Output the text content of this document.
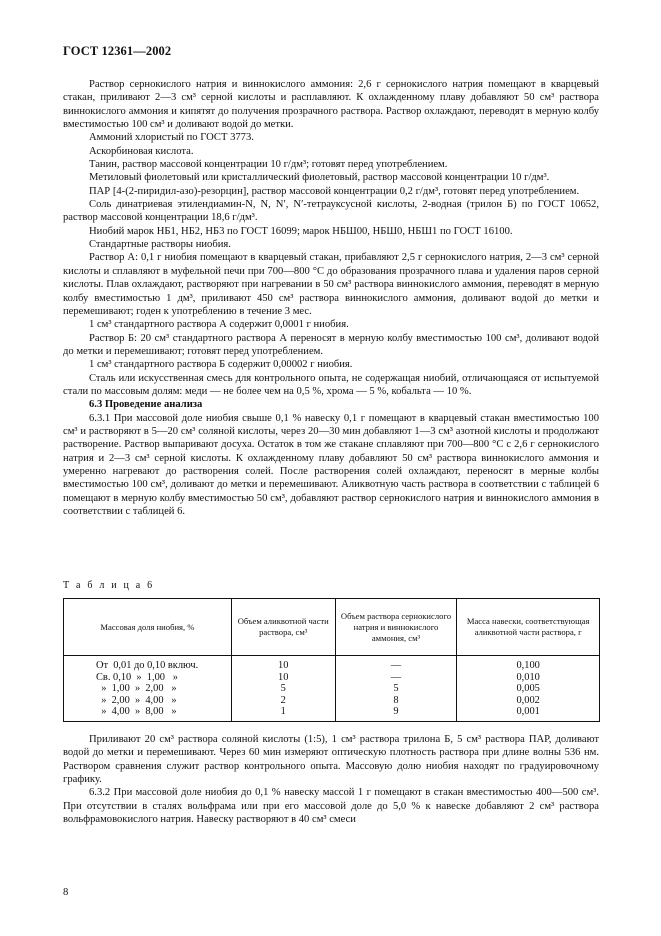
ГОСТ 12361—2002

Раствор сернокислого натрия и виннокислого аммония: 2,6 г сернокислого натрия помещают в кварцевый стакан, приливают 2—3 см³ серной кислоты и расплавляют. К охлажденному плаву добавляют 50 см³ раствора виннокислого аммония и кипятят до получения прозрачного раствора. Раствор охлаждают, переводят в мерную колбу вместимостью 100 см³ и доливают водой до метки.

Аммоний хлористый по ГОСТ 3773.

Аскорбиновая кислота.

Танин, раствор массовой концентрации 10 г/дм³; готовят перед употреблением.

Метиловый фиолетовый или кристаллический фиолетовый, раствор массовой концентрации 10 г/дм³.

ПАР [4-(2-пиридил-азо)-резорцин], раствор массовой концентрации 0,2 г/дм³, готовят перед употреблением.

Соль динатриевая этилендиамин-N, N, N′, N′-тетрауксусной кислоты, 2-водная (трилон Б) по ГОСТ 10652, раствор массовой концентрации 18,6 г/дм³.

Ниобий марок НБ1, НБ2, НБ3 по ГОСТ 16099; марок НБШ00, НБШ0, НБШ1 по ГОСТ 16100.

Стандартные растворы ниобия.

Раствор А: 0,1 г ниобия помещают в кварцевый стакан, прибавляют 2,5 г сернокислого натрия, 2—3 см³ серной кислоты и сплавляют в муфельной печи при 700—800 °С до образования прозрачного плава и удаления паров серной кислоты. Плав охлаждают, растворяют при нагревании в 50 см³ раствора виннокислого аммония, переводят в мерную колбу вместимостью 1 дм³, приливают 450 см³ раствора виннокислого аммония, доливают водой до метки и перемешивают; годен к употреблению в течение 3 мес.

1 см³ стандартного раствора А содержит 0,0001 г ниобия.

Раствор Б: 20 см³ стандартного раствора А переносят в мерную колбу вместимостью 100 см³, доливают водой до метки и перемешивают; готовят перед употреблением.

1 см³ стандартного раствора Б содержит 0,00002 г ниобия.

Сталь или искусственная смесь для контрольного опыта, не содержащая ниобий, отличающаяся от испытуемой стали по массовым долям: меди — не более чем на 0,5 %, хрома — 5 %, кобальта — 10 %.

6.3 Проведение анализа

6.3.1 При массовой доле ниобия свыше 0,1 % навеску 0,1 г помещают в кварцевый стакан вместимостью 100 см³ и растворяют в 5—20 см³ соляной кислоты, через 20—30 мин добавляют 1—3 см³ азотной кислоты и продолжают растворение. Раствор выпаривают досуха. Остаток в том же стакане сплавляют при 700—800 °С с 2,6 г сернокислого натрия и 2—3 см³ серной кислоты. К охлажденному плаву добавляют 50 см³ раствора виннокислого аммония и умеренно нагревают до растворения солей. После растворения солей охлаждают, переносят в мерные колбы вместимостью 100 см³, доливают до метки и перемешивают. Аликвотную часть раствора в соответствии с таблицей 6 помещают в мерную колбу вместимостью 50 см³, добавляют раствор сернокислого натрия и виннокислого аммония в соответствии с таблицей 6.

Т а б л и ц а 6
Массовая доля ниобия, %	Объем аликвотной части раствора, см³	Объем раствора сернокислого натрия и виннокислого аммония, см³	Масса навески, соответствующая аликвотной части раствора, г
От  0,01 до 0,10 включ.	10	—	0,100
Св. 0,10  »  1,00   »	10	—	0,010
»  1,00  »  2,00   »	5	5	0,005
»  2,00  »  4,00   »	2	8	0,002
»  4,00  »  8,00   »	1	9	0,001

Приливают 20 см³ раствора соляной кислоты (1:5), 1 см³ раствора трилона Б, 5 см³ раствора ПАР, доливают водой до метки и перемешивают. Через 60 мин измеряют оптическую плотность раствора при длине волны 536 нм. Раствором сравнения служит раствор контрольного опыта. Массовую долю ниобия находят по градуировочному графику.

6.3.2 При массовой доле ниобия до 0,1 % навеску массой 1 г помещают в стакан вместимостью 400—500 см³. При отсутствии в сталях вольфрама или при его массовой доле до 5,0 % к навеске добавляют 2 см³ раствора вольфрамовокислого натрия. Навеску растворяют в 40 см³ смеси

8
